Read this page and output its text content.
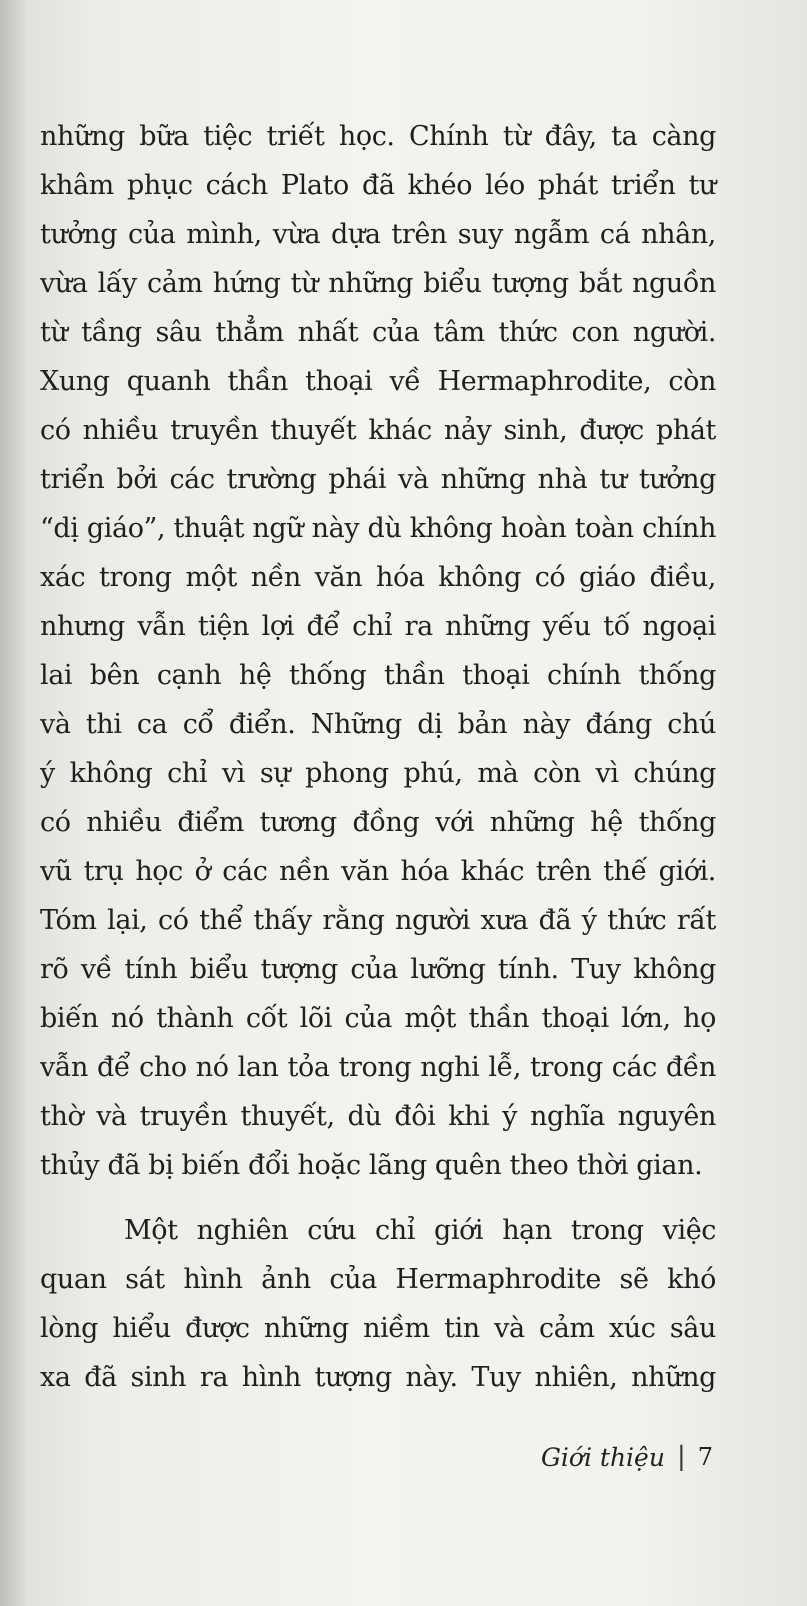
những bữa tiệc triết học. Chính từ đây, ta càng
khâm phục cách Plato đã khéo léo phát triển tư
tưởng của mình, vừa dựa trên suy ngẫm cá nhân,
vừa lấy cảm hứng từ những biểu tượng bắt nguồn
từ tầng sâu thẳm nhất của tâm thức con người.
Xung quanh thần thoại về Hermaphrodite, còn
có nhiều truyền thuyết khác nảy sinh, được phát
triển bởi các trường phái và những nhà tư tưởng
“dị giáo”, thuật ngữ này dù không hoàn toàn chính
xác trong một nền văn hóa không có giáo điều,
nhưng vẫn tiện lợi để chỉ ra những yếu tố ngoại
lai bên cạnh hệ thống thần thoại chính thống
và thi ca cổ điển. Những dị bản này đáng chú
ý không chỉ vì sự phong phú, mà còn vì chúng
có nhiều điểm tương đồng với những hệ thống
vũ trụ học ở các nền văn hóa khác trên thế giới.
Tóm lại, có thể thấy rằng người xưa đã ý thức rất
rõ về tính biểu tượng của lưỡng tính. Tuy không
biến nó thành cốt lõi của một thần thoại lớn, họ
vẫn để cho nó lan tỏa trong nghi lễ, trong các đền
thờ và truyền thuyết, dù đôi khi ý nghĩa nguyên
thủy đã bị biến đổi hoặc lãng quên theo thời gian.
Một nghiên cứu chỉ giới hạn trong việc
quan sát hình ảnh của Hermaphrodite sẽ khó
lòng hiểu được những niềm tin và cảm xúc sâu
xa đã sinh ra hình tượng này. Tuy nhiên, những
Giới thiệu | 7
